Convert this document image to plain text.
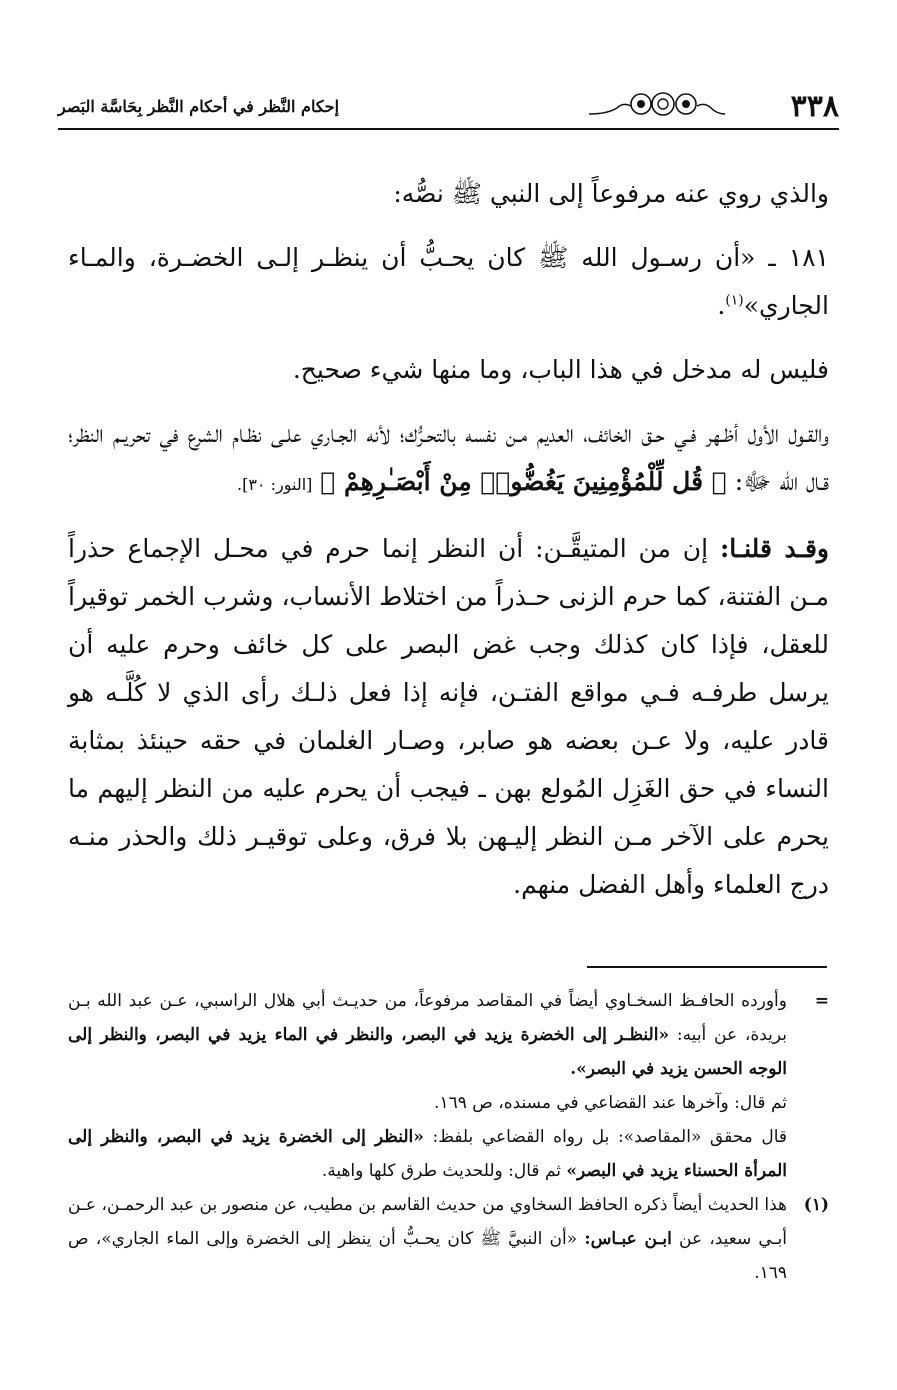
٣٣٨
إحكام النَّظر في أحكام النَّظر بِحَاسَّة البَصر

والذي روي عنه مرفوعاً إلى النبي ﷺ نصُّه:

١٨١ ـ «أن رسـول الله ﷺ كان يحـبُّ أن ينظـر إلـى الخضـرة، والمـاء الجاري»$^{(١)}$.

فليس له مدخل في هذا الباب، وما منها شيء صحيح.

والقـول الأول أظـهر فـي حـق الخائف، العديم مـن نفسه بالتحـرُّك؛ لأنه الجـاري علـى نظـام الشرع في تحريـم النظر؛ قـال الله ﷻ: ﴿ قُل لِّلْمُؤْمِنِينَ يَغُضُّوا۟ مِنْ أَبْصَـٰرِهِمْ ﴾ [النور: ٣٠].

وقـد قلنـا: إن من المتيقَّـن: أن النظر إنما حرم في محـل الإجماع حذراً مـن الفتنة، كما حرم الزنى حـذراً من اختلاط الأنساب، وشرب الخمر توقيراً للعقل، فإذا كان كذلك وجب غض البصر على كل خائف وحرم عليه أن يرسل طرفـه فـي مواقع الفتـن، فإنه إذا فعل ذلـك رأى الذي لا كُلَّـه هو قادر عليه، ولا عـن بعضه هو صابر، وصـار الغلمان في حقه حينئذ بمثابة النساء في حق الغَزِل المُولع بهن ـ فيجب أن يحرم عليه من النظر إليهم ما يحرم على الآخر مـن النظر إليـهن بلا فرق، وعلى توقيـر ذلك والحذر منـه درج العلماء وأهل الفضل منهم.

=

وأورده الحافـظ السخـاوي أيضاً في المقاصد مرفوعاً، من حديـث أبي هلال الراسبي، عـن عبد الله بـن بريدة، عن أبيه: «النظـر إلى الخضرة يزيد في البصر، والنظر في الماء يزيد في البصر، والنظر إلى الوجه الحسن يزيد في البصر».

ثم قال: وآخرها عند القضاعي في مسنده، ص ١٦٩.

قال محقق «المقاصد»: بل رواه القضاعي بلفظ: «النظر إلى الخضرة يزيد في البصر، والنظر إلى المرأة الحسناء يزيد في البصر» ثم قال: وللحديث طرق كلها واهية.

(١)

هذا الحديث أيضاً ذكره الحافظ السخاوي من حديث القاسم بن مطيب، عن منصور بن عبد الرحمـن، عـن أبـي سعيد، عن ابـن عبـاس: «أن النبيَّ ﷺ كان يحـبُّ أن ينظر إلى الخضرة وإلى الماء الجاري»، ص ١٦٩.
